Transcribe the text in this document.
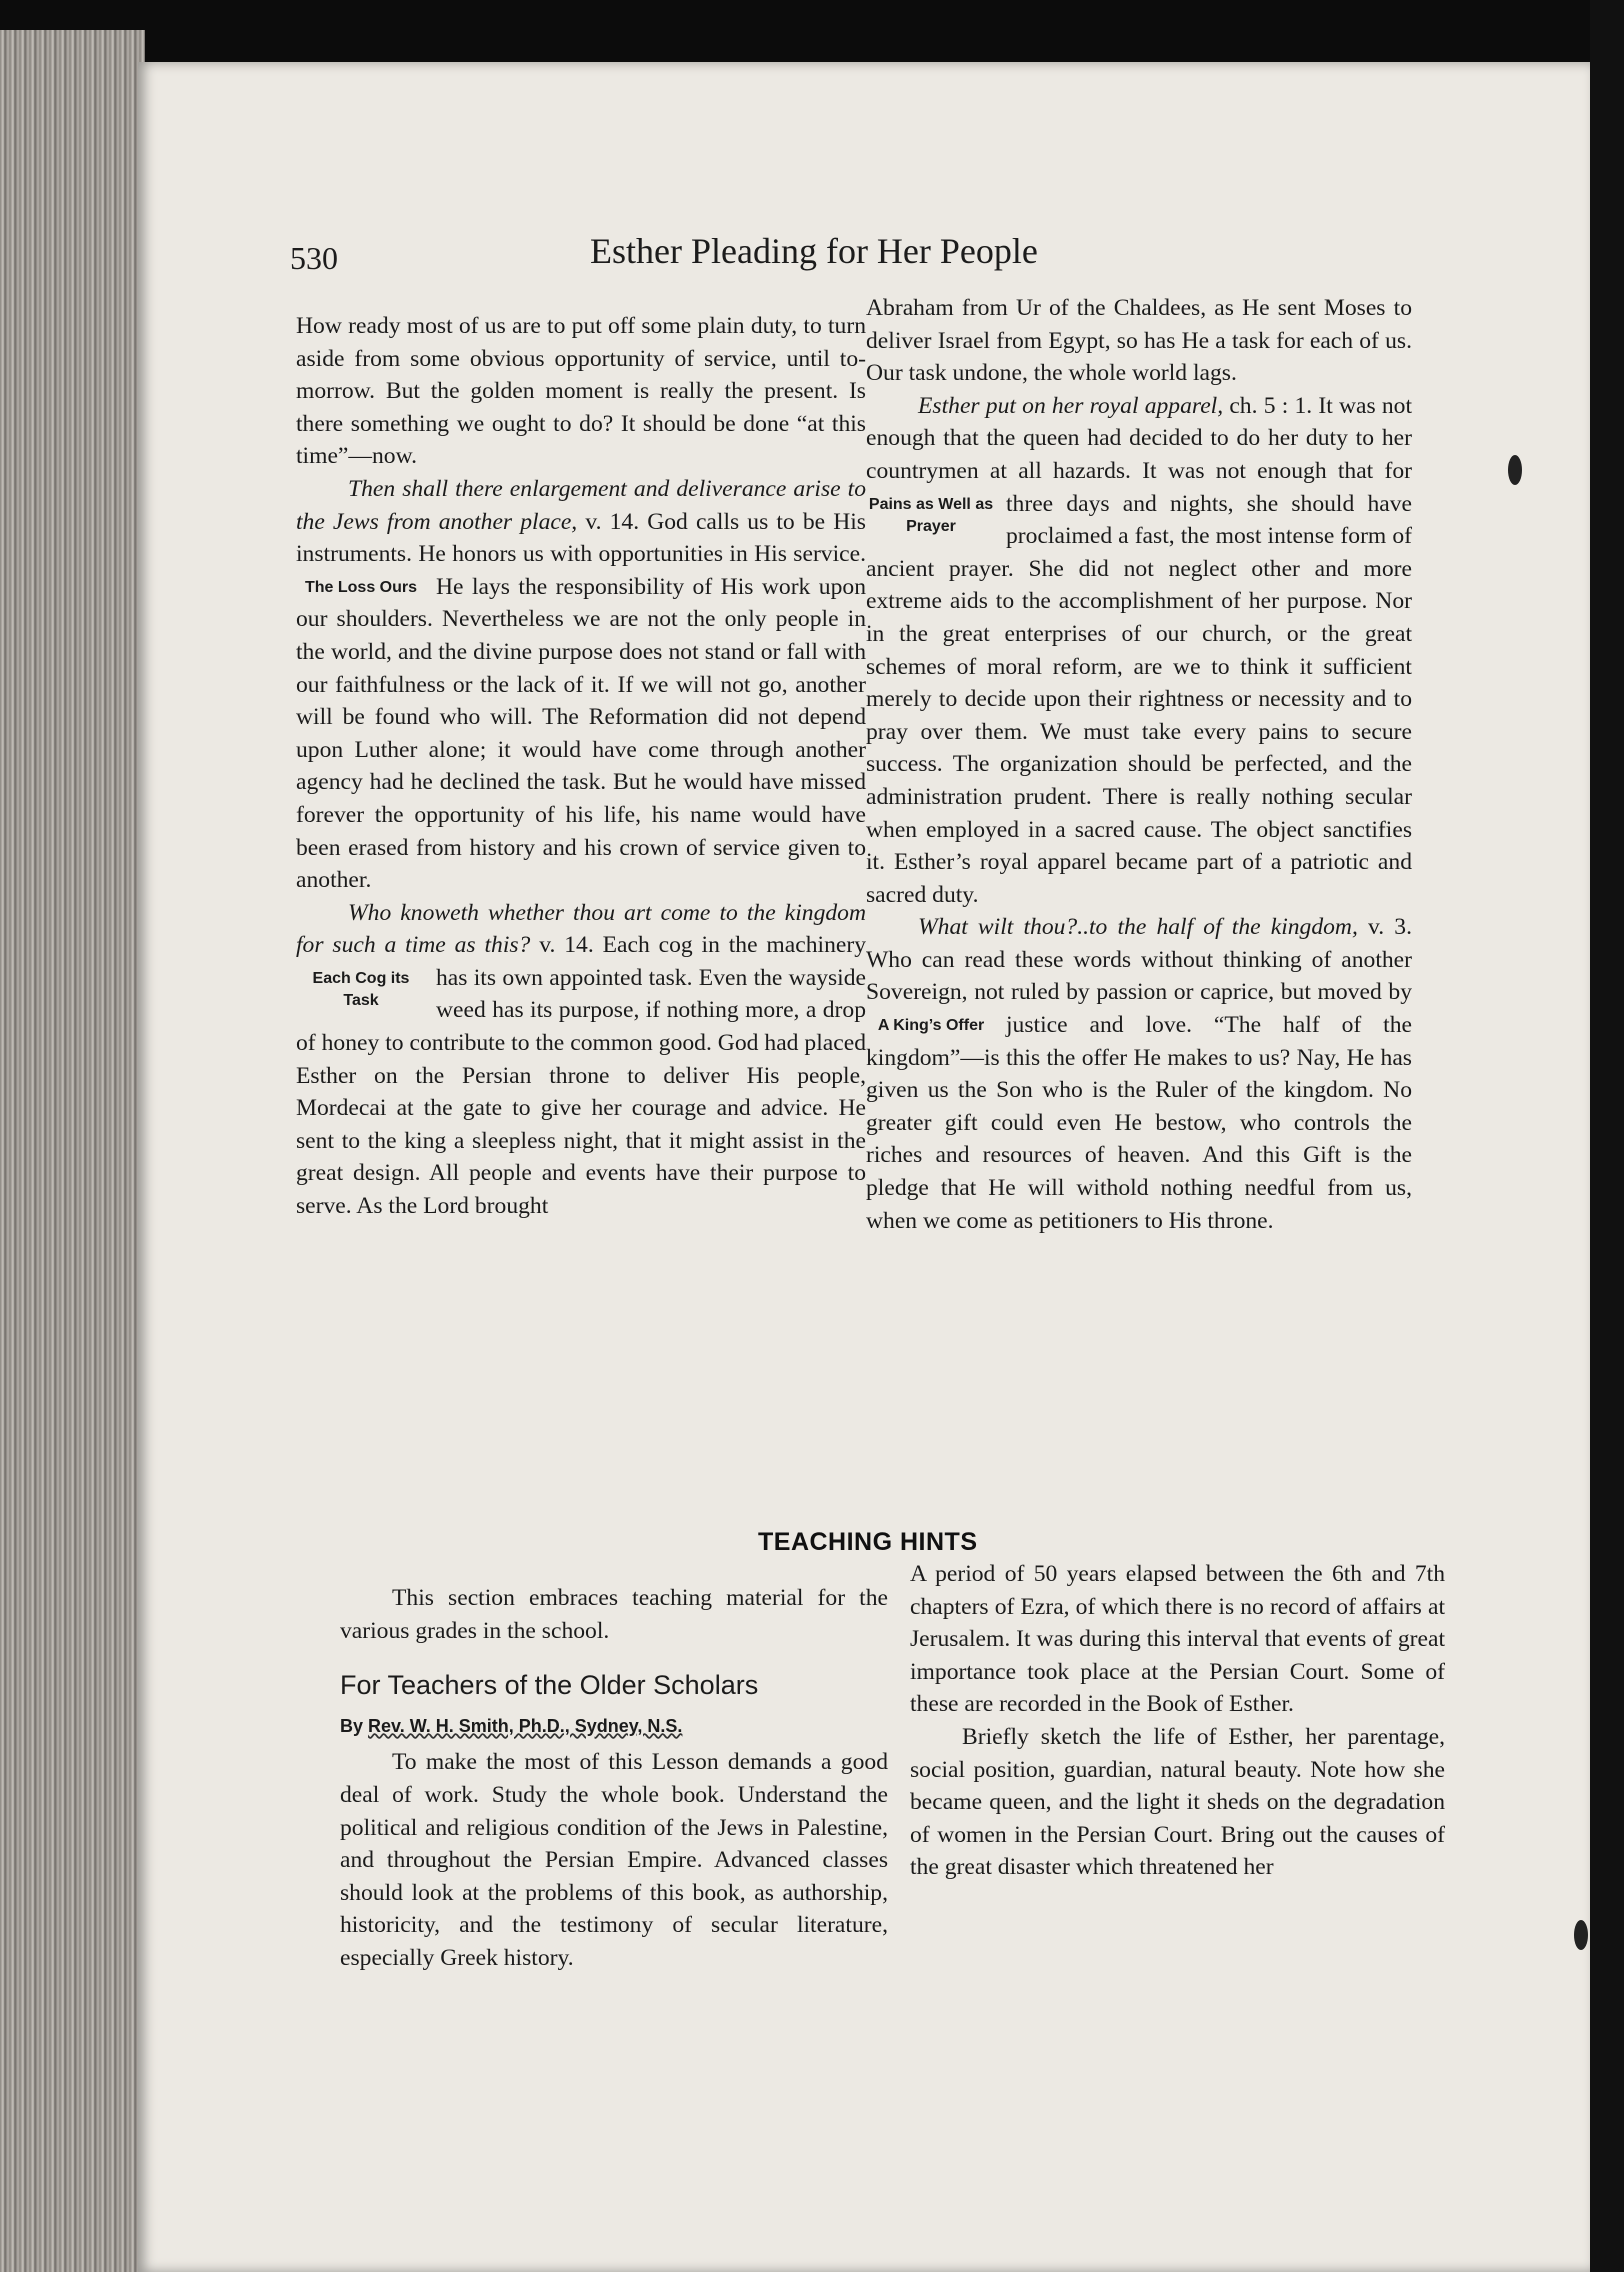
530	Esther Pleading for Her People

How ready most of us are to put off some plain duty, to turn aside from some obvious opportunity of service, until to-morrow. But the golden moment is really the present. Is there something we ought to do? It should be done “at this time”—now.

Then shall there enlargement and deliverance arise to the Jews from another place, v. 14. God calls us to be His instruments. He honors us with opportunities in His service. He lays the responsibility of His work upon
The Loss Ours
our shoulders. Nevertheless we are not the only people in the world, and the divine purpose does not stand or fall with our faithfulness or the lack of it. If we will not go, another will be found who will. The Reformation did not depend upon Luther alone; it would have come through another agency had he declined the task. But he would have missed forever the opportunity of his life, his name would have been erased from history and his crown of service given to another.

Who knoweth whether thou art come to the kingdom for such a time as this? v. 14. Each cog in the machinery has its own appointed
Each Cog its Task
task. Even the wayside weed has its purpose, if nothing more, a drop of honey to contribute to the common good. God had placed Esther on the Persian throne to deliver His people, Mordecai at the gate to give her courage and advice. He sent to the king a sleepless night, that it might assist in the great design. All people and events have their purpose to serve. As the Lord brought

Abraham from Ur of the Chaldees, as He sent Moses to deliver Israel from Egypt, so has He a task for each of us. Our task undone, the whole world lags.

Esther put on her royal apparel, ch. 5 : 1. It was not enough that the queen had decided to do her duty to her countrymen at all hazards. It was not enough
Pains as Well as Prayer
that for three days and nights, she should have proclaimed a fast, the most intense form of ancient prayer. She did not neglect other and more extreme aids to the accomplishment of her purpose. Nor in the great enterprises of our church, or the great schemes of moral reform, are we to think it sufficient merely to decide upon their rightness or necessity and to pray over them. We must take every pains to secure success. The organization should be perfected, and the administration prudent. There is really nothing secular when employed in a sacred cause. The object sanctifies it. Esther’s royal apparel became part of a patriotic and sacred duty.

What wilt thou?..to the half of the kingdom, v. 3. Who can read these words without thinking of another Sovereign, not ruled by passion or caprice, but moved
A King’s Offer
by justice and love. “The half of the kingdom”—is this the offer He makes to us? Nay, He has given us the Son who is the Ruler of the kingdom. No greater gift could even He bestow, who controls the riches and resources of heaven. And this Gift is the pledge that He will withold nothing needful from us, when we come as petitioners to His throne.

TEACHING HINTS

This section embraces teaching material for the various grades in the school.

For Teachers of the Older Scholars
By Rev. W. H. Smith, Ph.D., Sydney, N.S.

To make the most of this Lesson demands a good deal of work. Study the whole book. Understand the political and religious condition of the Jews in Palestine, and throughout the Persian Empire. Advanced classes should look at the problems of this book, as authorship, historicity, and the testimony of secular literature, especially Greek history.

A period of 50 years elapsed between the 6th and 7th chapters of Ezra, of which there is no record of affairs at Jerusalem. It was during this interval that events of great importance took place at the Persian Court. Some of these are recorded in the Book of Esther.

Briefly sketch the life of Esther, her parentage, social position, guardian, natural beauty. Note how she became queen, and the light it sheds on the degradation of women in the Persian Court. Bring out the causes of the great disaster which threatened her
